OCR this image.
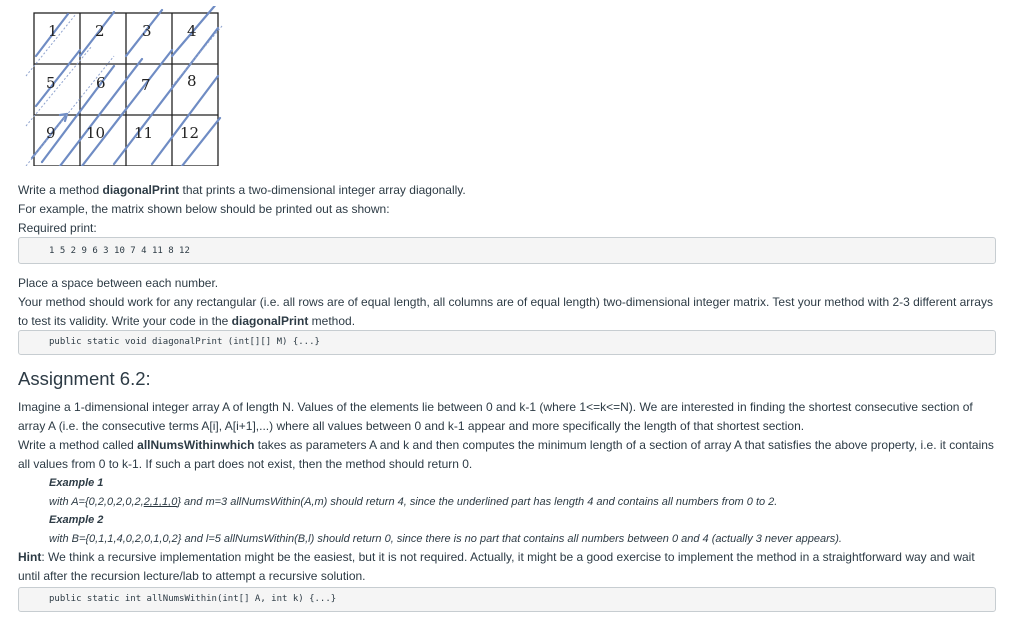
1 2 3 4
5	6 7 8
9 10 11 12

Write a method diagonalPrint that prints a two-dimensional integer array diagonally.

For example, the matrix shown below should be printed out as shown:

Required print:

1 5 2 9 6 3 10 7 4 11 8 12

Place a space between each number.

Your method should work for any rectangular (i.e. all rows are of equal length, all columns are of equal length) two-dimensional integer matrix. Test your method with 2-3 different arrays to test its validity. Write your code in the diagonalPrint method.

public static void diagonalPrint (int[][] M) {...}
Assignment 6.2:

Imagine a 1-dimensional integer array A of length N. Values of the elements lie between 0 and k-1 (where 1<=k<=N). We are interested in finding the shortest consecutive section of array A (i.e. the consecutive terms A[i], A[i+1],...) where all values between 0 and k-1 appear and more specifically the length of that shortest section.

Write a method called allNumsWithinwhich takes as parameters A and k and then computes the minimum length of a section of array A that satisfies the above property, i.e. it contains all values from 0 to k-1. If such a part does not exist, then the method should return 0.

Example 1

with A={0,2,0,2,0,2,2,1,1,0} and m=3 allNumsWithin(A,m) should return 4, since the underlined part has length 4 and contains all numbers from 0 to 2.

Example 2

with B={0,1,1,4,0,2,0,1,0,2} and l=5 allNumsWithin(B,l) should return 0, since there is no part that contains all numbers between 0 and 4 (actually 3 never appears).

Hint: We think a recursive implementation might be the easiest, but it is not required. Actually, it might be a good exercise to implement the method in a straightforward way and wait until after the recursion lecture/lab to attempt a recursive solution.

public static int allNumsWithin(int[] A, int k) {...}
